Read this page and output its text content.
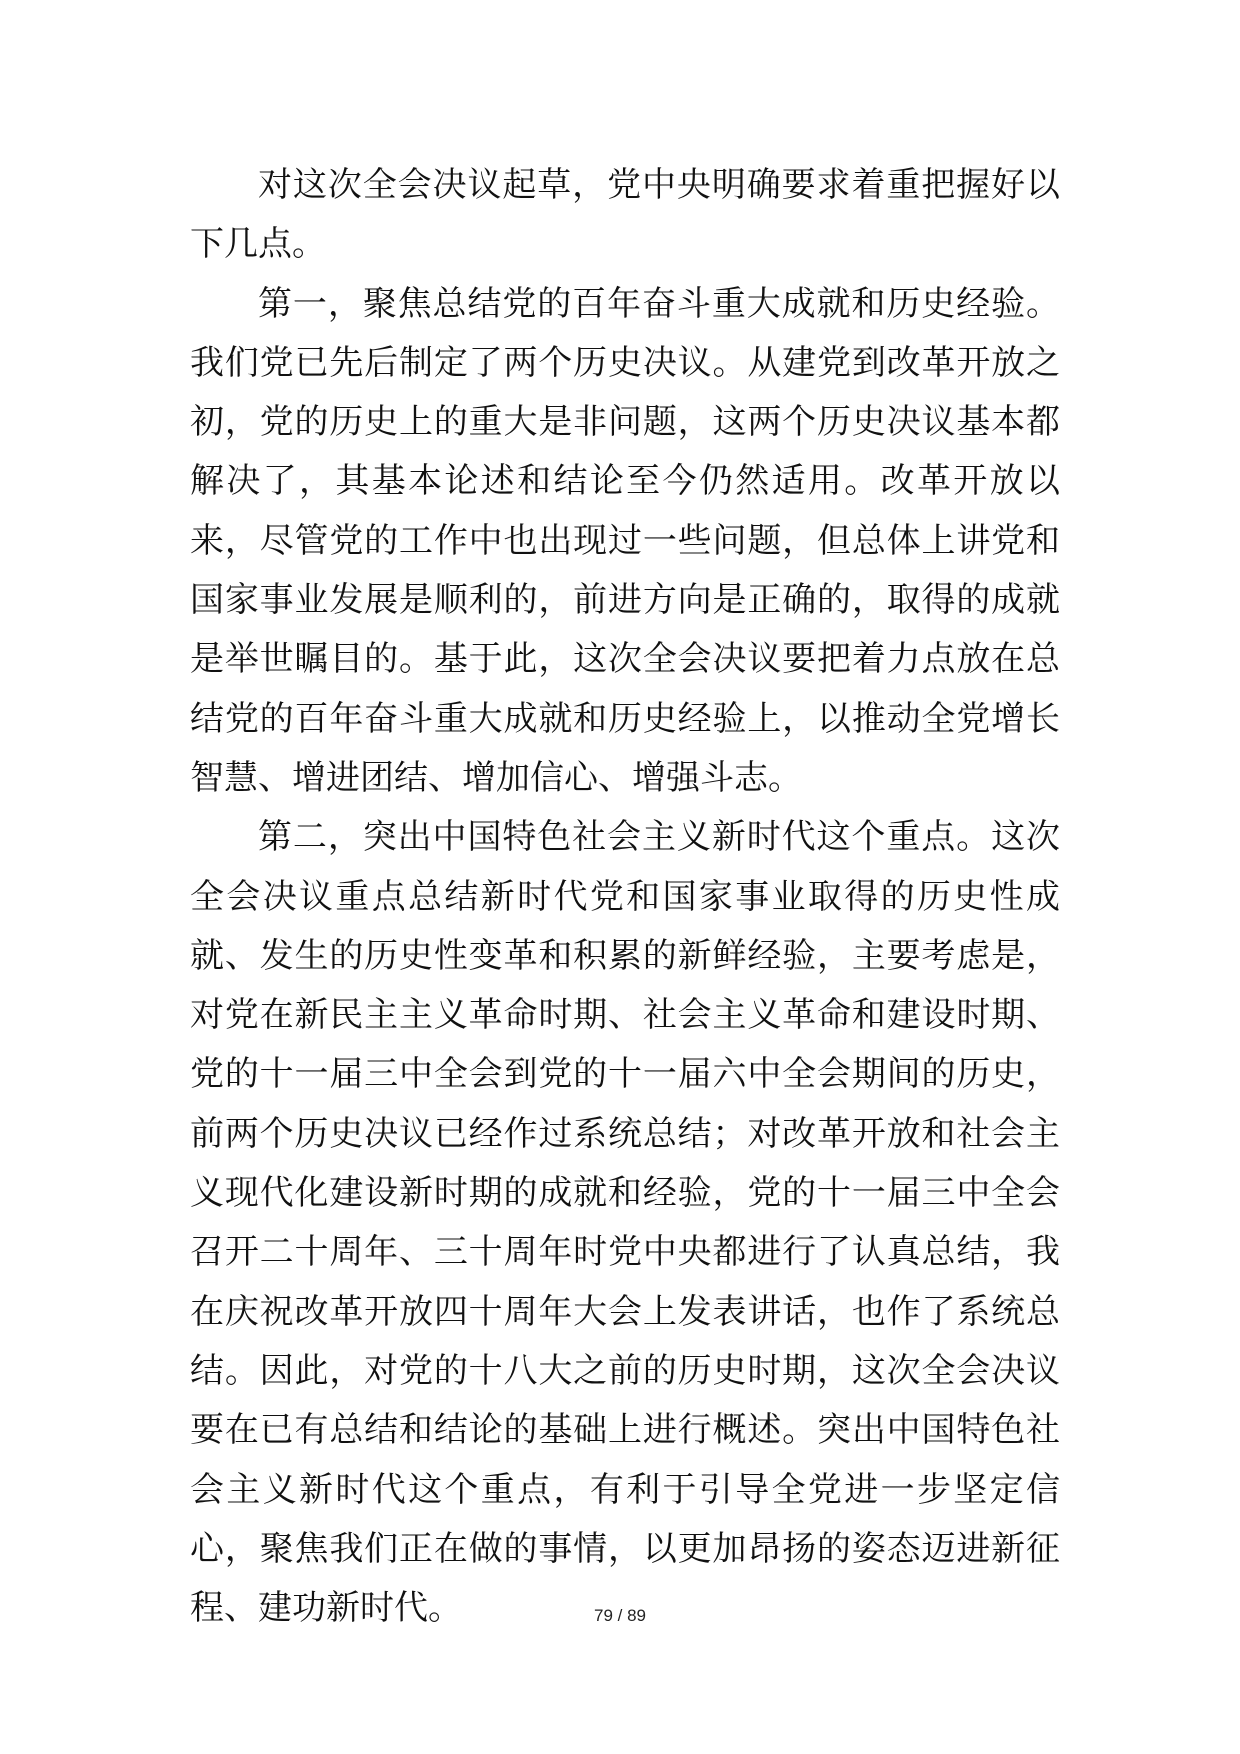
对这次全会决议起草，党中央明确要求着重把握好以下几点。

第一，聚焦总结党的百年奋斗重大成就和历史经验。我们党已先后制定了两个历史决议。从建党到改革开放之初，党的历史上的重大是非问题，这两个历史决议基本都解决了，其基本论述和结论至今仍然适用。改革开放以来，尽管党的工作中也出现过一些问题，但总体上讲党和国家事业发展是顺利的，前进方向是正确的，取得的成就是举世瞩目的。基于此，这次全会决议要把着力点放在总结党的百年奋斗重大成就和历史经验上，以推动全党增长智慧、增进团结、增加信心、增强斗志。

第二，突出中国特色社会主义新时代这个重点。这次全会决议重点总结新时代党和国家事业取得的历史性成就、发生的历史性变革和积累的新鲜经验，主要考虑是，对党在新民主主义革命时期、社会主义革命和建设时期、党的十一届三中全会到党的十一届六中全会期间的历史，前两个历史决议已经作过系统总结；对改革开放和社会主义现代化建设新时期的成就和经验，党的十一届三中全会召开二十周年、三十周年时党中央都进行了认真总结，我在庆祝改革开放四十周年大会上发表讲话，也作了系统总结。因此，对党的十八大之前的历史时期，这次全会决议要在已有总结和结论的基础上进行概述。突出中国特色社会主义新时代这个重点，有利于引导全党进一步坚定信心，聚焦我们正在做的事情，以更加昂扬的姿态迈进新征程、建功新时代。	79 / 89
